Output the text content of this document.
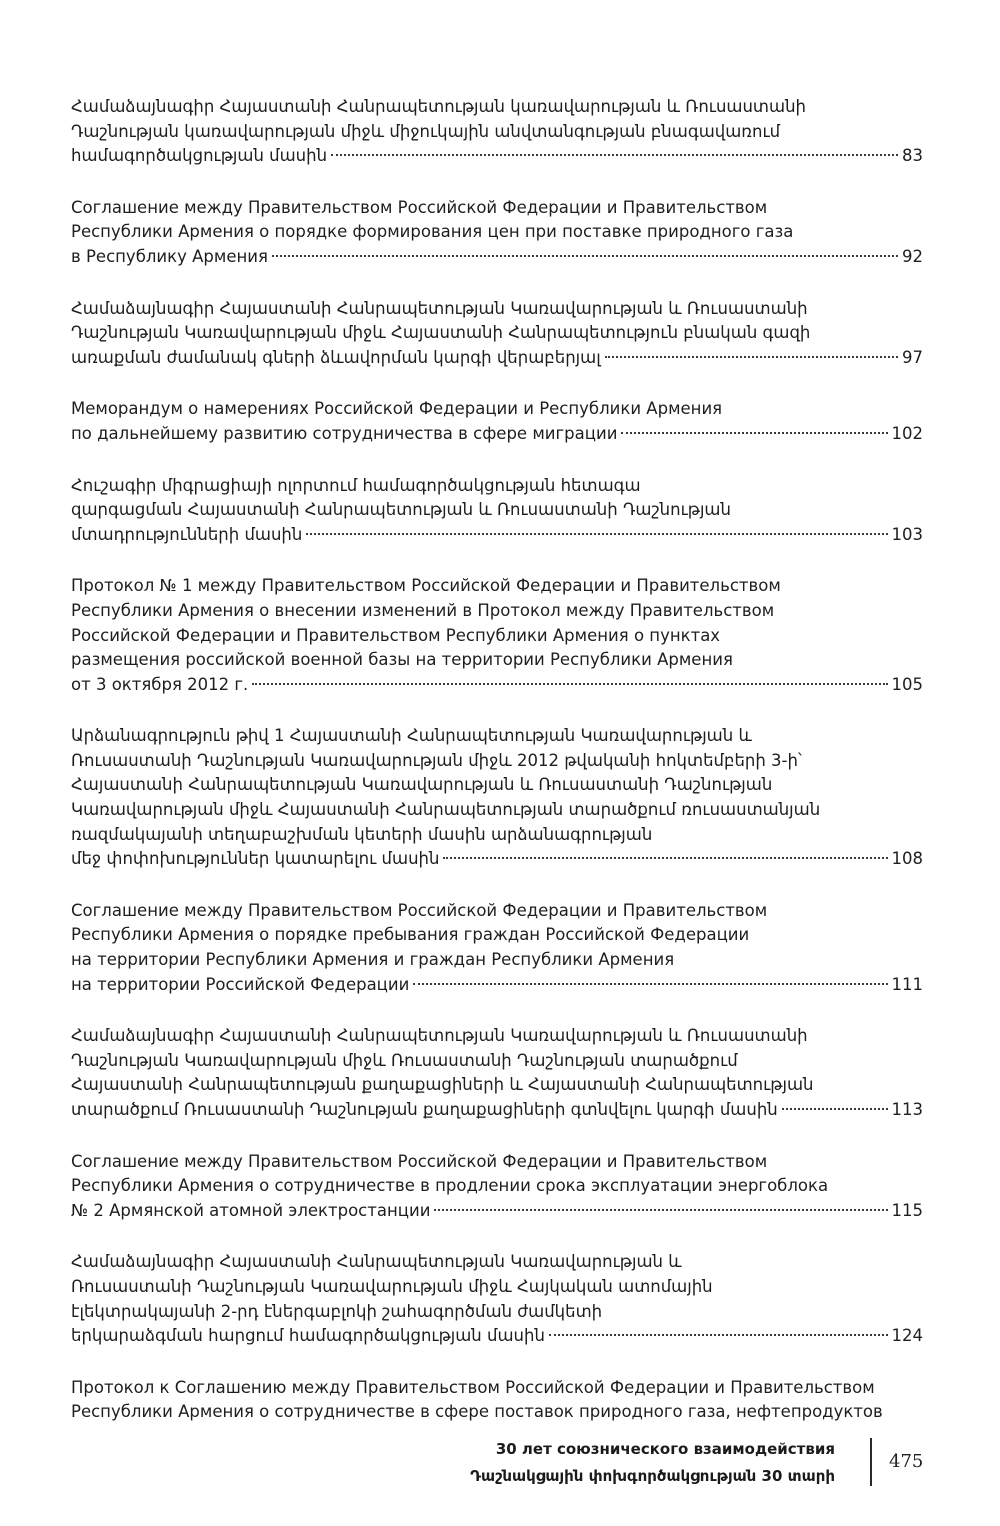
Համաձայնագիր Հայաստանի Հանրապետության կառավարության և Ռուսաստանի
Դաշնության կառավարության միջև միջուկային անվտանգության բնագավառում
համագործակցության մասին	83
Соглашение между Правительством Российской Федерации и Правительством
Республики Армения о порядке формирования цен при поставке природного газа
в Республику Армения	92
Համաձայնագիր Հայաստանի Հանրապետության Կառավարության և Ռուսաստանի
Դաշնության Կառավարության միջև Հայաստանի Հանրապետություն բնական գազի
առաքման ժամանակ գների ձևավորման կարգի վերաբերյալ	97
Меморандум о намерениях Российской Федерации и Республики Армения
по дальнейшему развитию сотрудничества в сфере миграции	102
Հուշագիր միգրացիայի ոլորտում համագործակցության հետագա
զարգացման Հայաստանի Հանրապետության և Ռուսաստանի Դաշնության
մտադրությունների մասին	103
Протокол № 1 между Правительством Российской Федерации и Правительством
Республики Армения о внесении изменений в Протокол между Правительством
Российской Федерации и Правительством Республики Армения о пунктах
размещения российской военной базы на территории Республики Армения
от 3 октября 2012 г.	105
Արձանագրություն թիվ 1 Հայաստանի Հանրապետության Կառավարության և
Ռուսաստանի Դաշնության Կառավարության միջև 2012 թվականի հոկտեմբերի 3-ի՝
Հայաստանի Հանրապետության Կառավարության և Ռուսաստանի Դաշնության
Կառավարության միջև Հայաստանի Հանրապետության տարածքում ռուսաստանյան
ռազմակայանի տեղաբաշխման կետերի մասին արձանագրության
մեջ փոփոխություններ կատարելու մասին	108
Соглашение между Правительством Российской Федерации и Правительством
Республики Армения о порядке пребывания граждан Российской Федерации
на территории Республики Армения и граждан Республики Армения
на территории Российской Федерации	111
Համաձայնագիր Հայաստանի Հանրապետության Կառավարության և Ռուսաստանի
Դաշնության Կառավարության միջև Ռուսաստանի Դաշնության տարածքում
Հայաստանի Հանրապետության քաղաքացիների և Հայաստանի Հանրապետության
տարածքում Ռուսաստանի Դաշնության քաղաքացիների գտնվելու կարգի մասին	113
Соглашение между Правительством Российской Федерации и Правительством
Республики Армения о сотрудничестве в продлении срока эксплуатации энергоблока
№ 2 Армянской атомной электростанции	115
Համաձայնագիր Հայաստանի Հանրապետության Կառավարության և
Ռուսաստանի Դաշնության Կառավարության միջև Հայկական ատոմային
էլեկտրակայանի 2-րդ էներգաբլոկի շահագործման ժամկետի
երկարաձգման հարցում համագործակցության մասին	124
Протокол к Соглашению между Правительством Российской Федерации и Правительством
Республики Армения о сотрудничестве в сфере поставок природного газа, нефтепродуктов
30 лет союзнического взаимодействия
Դաշնակցային փոխգործակցության 30 տարի
475
